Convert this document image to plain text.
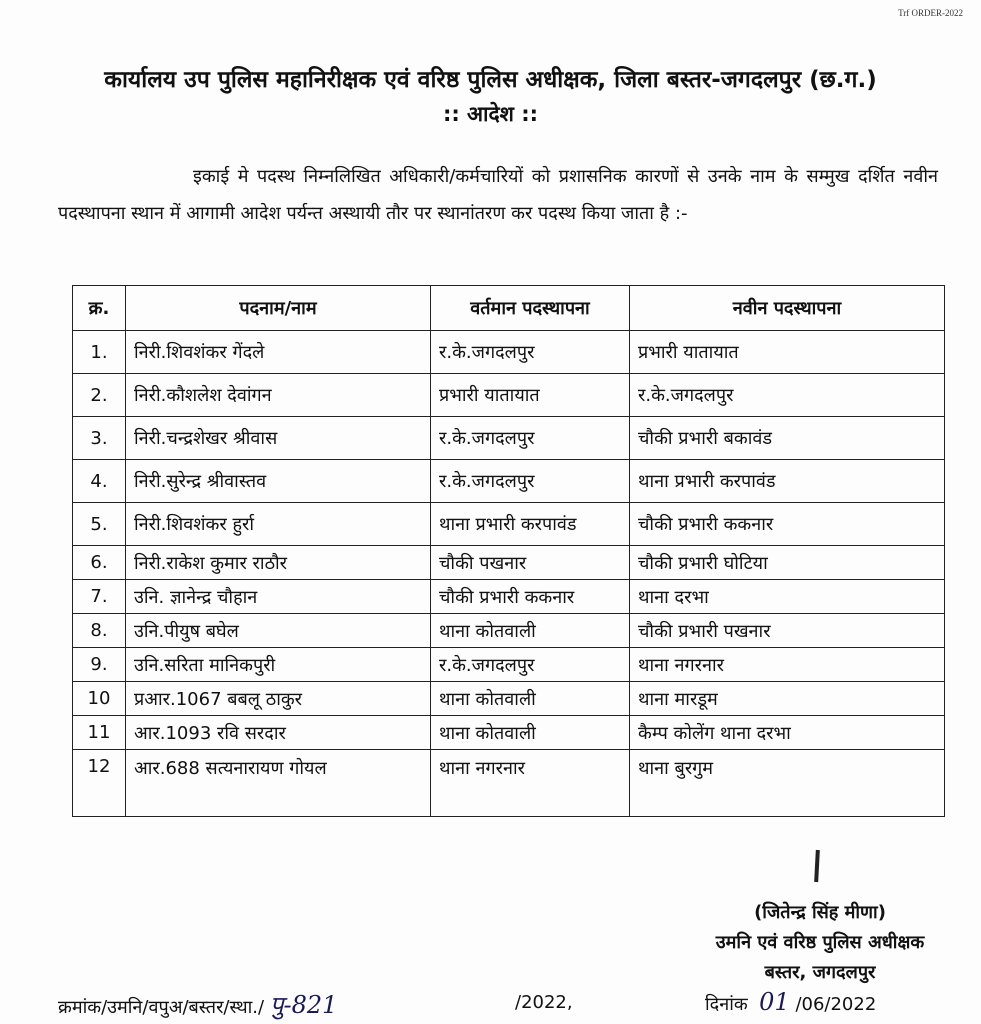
Trf ORDER-2022
कार्यालय उप पुलिस महानिरीक्षक एवं वरिष्ठ पुलिस अधीक्षक, जिला बस्तर-जगदलपुर (छ.ग.)
:: आदेश ::
इकाई मे पदस्थ निम्नलिखित अधिकारी/कर्मचारियों को प्रशासनिक कारणों से उनके नाम के सम्मुख दर्शित नवीन पदस्थापना स्थान में आगामी आदेश पर्यन्त अस्थायी तौर पर स्थानांतरण कर पदस्थ किया जाता है :-
क्र.	पदनाम/नाम	वर्तमान पदस्थापना	नवीन पदस्थापना
1.	निरी.शिवशंकर गेंदले	र.के.जगदलपुर	प्रभारी यातायात
2.	निरी.कौशलेश देवांगन	प्रभारी यातायात	र.के.जगदलपुर
3.	निरी.चन्द्रशेखर श्रीवास	र.के.जगदलपुर	चौकी प्रभारी बकावंड
4.	निरी.सुरेन्द्र श्रीवास्तव	र.के.जगदलपुर	थाना प्रभारी करपावंड
5.	निरी.शिवशंकर हुर्रा	थाना प्रभारी करपावंड	चौकी प्रभारी ककनार
6.	निरी.राकेश कुमार राठौर	चौकी पखनार	चौकी प्रभारी घोटिया
7.	उनि. ज्ञानेन्द्र चौहान	चौकी प्रभारी ककनार	थाना दरभा
8.	उनि.पीयुष बघेल	थाना कोतवाली	चौकी प्रभारी पखनार
9.	उनि.सरिता मानिकपुरी	र.के.जगदलपुर	थाना नगरनार
10	प्रआर.1067 बबलू ठाकुर	थाना कोतवाली	थाना मारडूम
11	आर.1093 रवि सरदार	थाना कोतवाली	कैम्प कोलेंग थाना दरभा
12	आर.688 सत्यनारायण गोयल	थाना नगरनार	थाना बुरगुम
(जितेन्द्र सिंह मीणा)
उमनि एवं वरिष्ठ पुलिस अधीक्षक
बस्तर, जगदलपुर
क्रमांक/उमनि/वपुअ/बस्तर/स्था./ पु-821	/2022,	दिनांक 01 /06/2022
